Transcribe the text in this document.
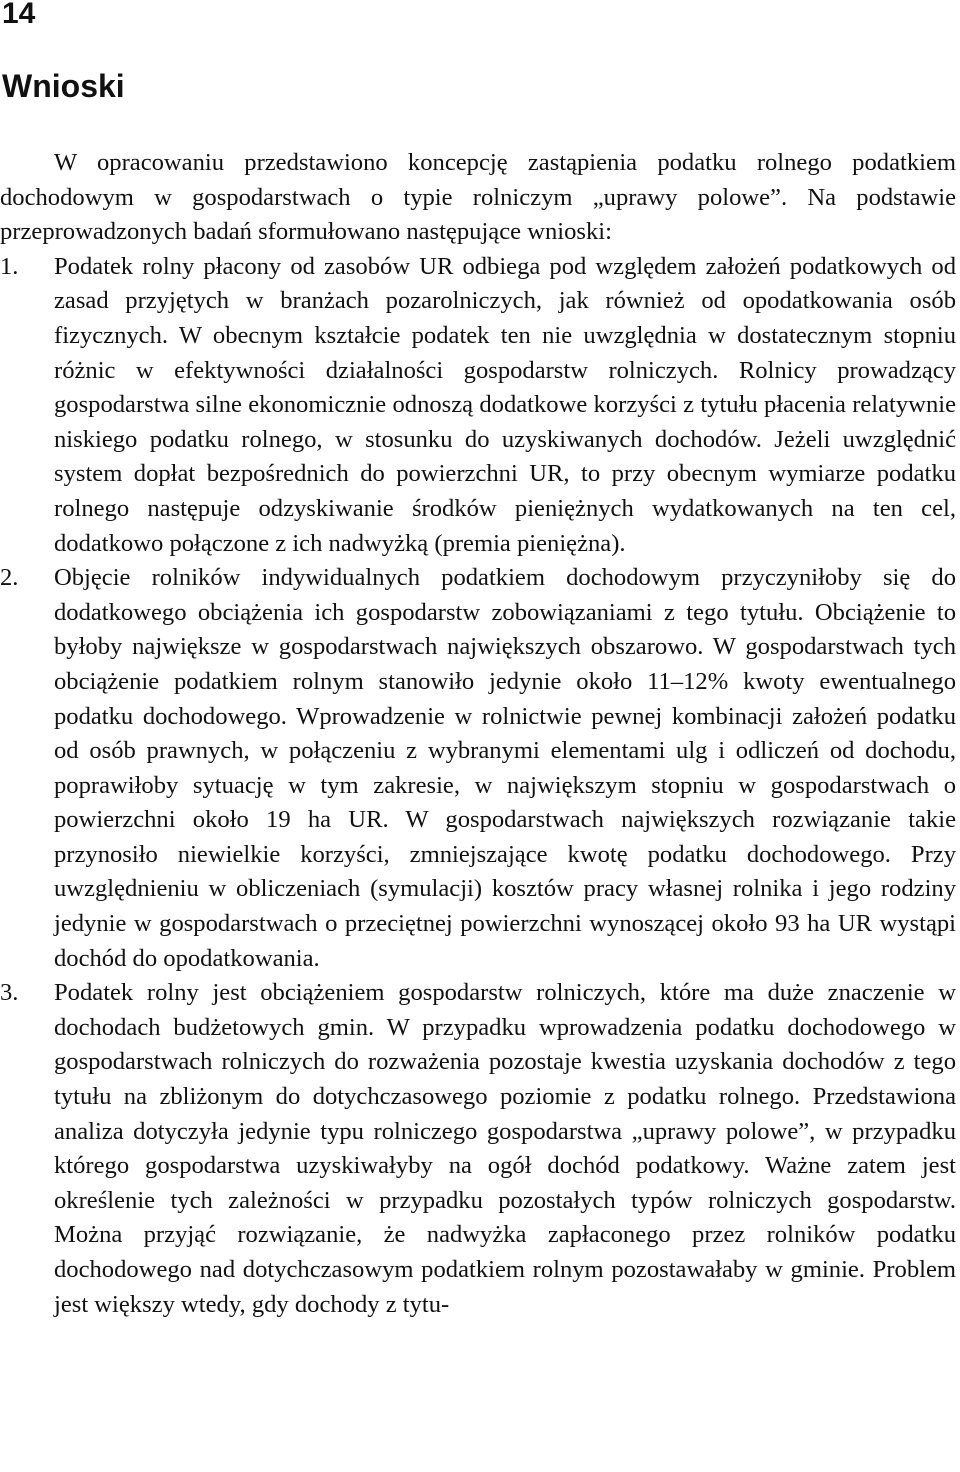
14
Wnioski

W opracowaniu przedstawiono koncepcję zastąpienia podatku rolnego podatkiem dochodowym w gospodarstwach o typie rolniczym „uprawy polowe”. Na podstawie przeprowadzonych badań sformułowano następujące wnioski:

1. Podatek rolny płacony od zasobów UR odbiega pod względem założeń podatkowych od zasad przyjętych w branżach pozarolniczych, jak również od opodatkowania osób fizycznych. W obecnym kształcie podatek ten nie uwzględnia w dostatecznym stopniu różnic w efektywności działalności gospodarstw rolniczych. Rolnicy prowadzący gospodarstwa silne ekonomicznie odnoszą dodatkowe korzyści z tytułu płacenia relatywnie niskiego podatku rolnego, w stosunku do uzyskiwanych dochodów. Jeżeli uwzględnić system dopłat bezpośrednich do powierzchni UR, to przy obecnym wymiarze podatku rolnego następuje odzyskiwanie środków pieniężnych wydatkowanych na ten cel, dodatkowo połączone z ich nadwyżką (premia pieniężna).
2. Objęcie rolników indywidualnych podatkiem dochodowym przyczyniłoby się do dodatkowego obciążenia ich gospodarstw zobowiązaniami z tego tytułu. Obciążenie to byłoby największe w gospodarstwach największych obszarowo. W gospodarstwach tych obciążenie podatkiem rolnym stanowiło jedynie około 11–12% kwoty ewentualnego podatku dochodowego. Wprowadzenie w rolnictwie pewnej kombinacji założeń podatku od osób prawnych, w połączeniu z wybranymi elementami ulg i odliczeń od dochodu, poprawiłoby sytuację w tym zakresie, w największym stopniu w gospodarstwach o powierzchni około 19 ha UR. W gospodarstwach największych rozwiązanie takie przynosiło niewielkie korzyści, zmniejszające kwotę podatku dochodowego. Przy uwzględnieniu w obliczeniach (symulacji) kosztów pracy własnej rolnika i jego rodziny jedynie w gospodarstwach o przeciętnej powierzchni wynoszącej około 93 ha UR wystąpi dochód do opodatkowania.
3. Podatek rolny jest obciążeniem gospodarstw rolniczych, które ma duże znaczenie w dochodach budżetowych gmin. W przypadku wprowadzenia podatku dochodowego w gospodarstwach rolniczych do rozważenia pozostaje kwestia uzyskania dochodów z tego tytułu na zbliżonym do dotychczasowego poziomie z podatku rolnego. Przedstawiona analiza dotyczyła jedynie typu rolniczego gospodarstwa „uprawy polowe”, w przypadku którego gospodarstwa uzyskiwałyby na ogół dochód podatkowy. Ważne zatem jest określenie tych zależności w przypadku pozostałych typów rolniczych gospodarstw. Można przyjąć rozwiązanie, że nadwyżka zapłaconego przez rolników podatku dochodowego nad dotychczasowym podatkiem rolnym pozostawałaby w gminie. Problem jest większy wtedy, gdy dochody z tytu-
